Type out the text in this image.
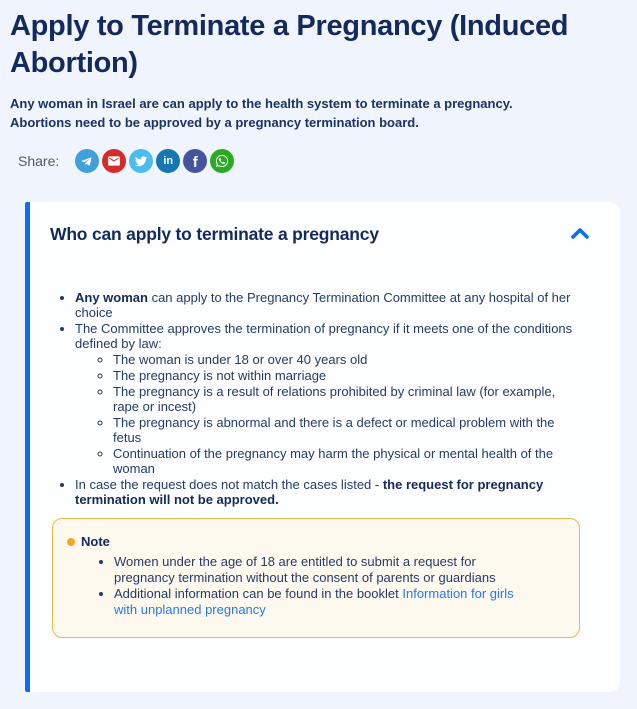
Apply to Terminate a Pregnancy (Induced Abortion)

Any woman in Israel are can apply to the health system to terminate a pregnancy. Abortions need to be approved by a pregnancy termination board.

Share:	in f
Who can apply to terminate a pregnancy
• Any woman can apply to the Pregnancy Termination Committee at any hospital of her choice
• The Committee approves the termination of pregnancy if it meets one of the conditions defined by law:
◦ The woman is under 18 or over 40 years old
◦ The pregnancy is not within marriage
◦ The pregnancy is a result of relations prohibited by criminal law (for example, rape or incest)
◦ The pregnancy is abnormal and there is a defect or medical problem with the fetus
◦ Continuation of the pregnancy may harm the physical or mental health of the woman
• In case the request does not match the cases listed - the request for pregnancy termination will not be approved.
Note
• Women under the age of 18 are entitled to submit a request for pregnancy termination without the consent of parents or guardians
• Additional information can be found in the booklet Information for girls with unplanned pregnancy
